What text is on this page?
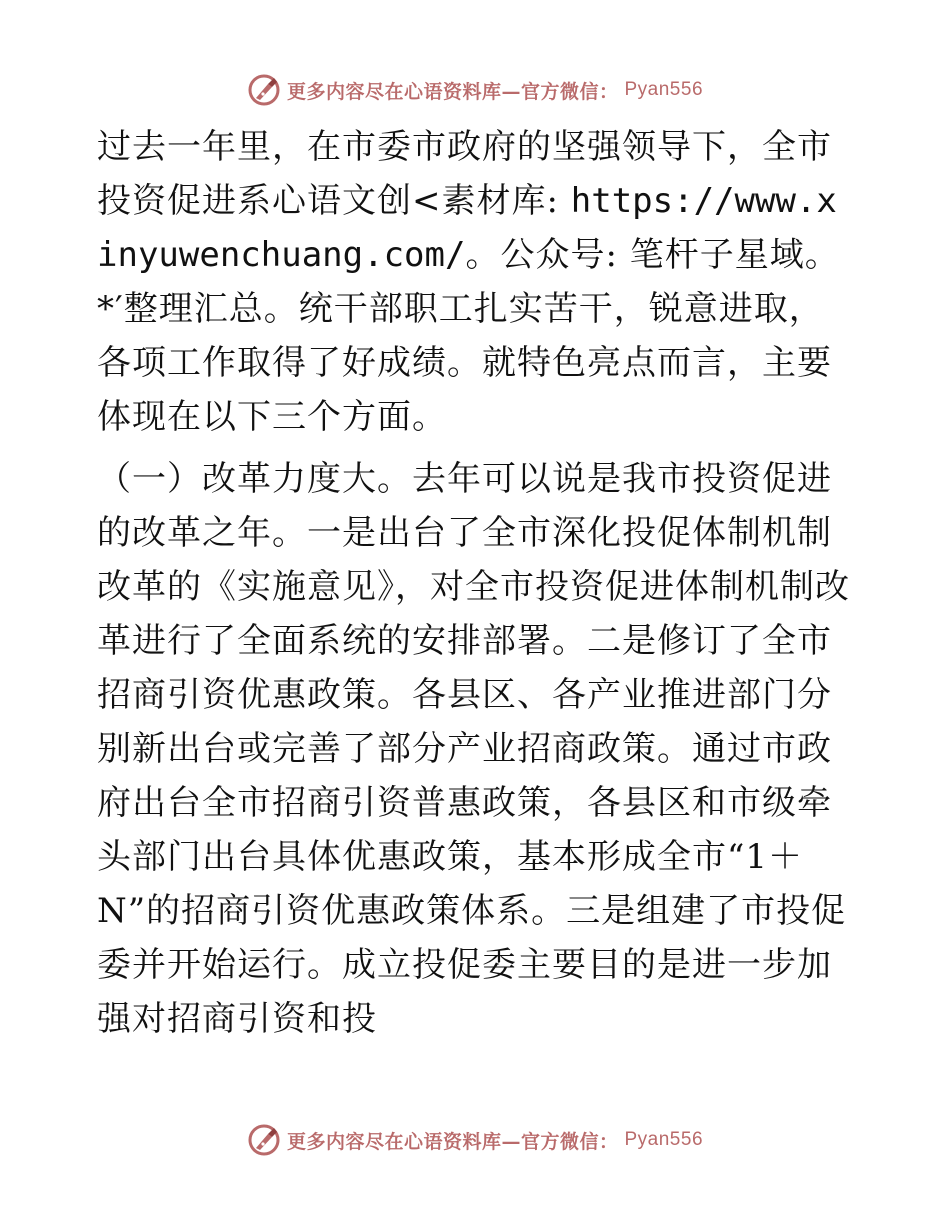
更多内容尽在心语资料库—官方微信： Pyan556

过去一年里，在市委市政府的坚强领导下，全市投资促进系心语文创<素材库: https://www.xinyuwenchuang.com/。公众号: 笔杆子星域。*′整理汇总。统干部职工扎实苦干，锐意进取，各项工作取得了好成绩。就特色亮点而言，主要体现在以下三个方面。

（一）改革力度大。去年可以说是我市投资促进的改革之年。一是出台了全市深化投促体制机制改革的《实施意见》，对全市投资促进体制机制改革进行了全面系统的安排部署。二是修订了全市招商引资优惠政策。各县区、各产业推进部门分别新出台或完善了部分产业招商政策。通过市政府出台全市招商引资普惠政策，各县区和市级牵头部门出台具体优惠政策，基本形成全市“1＋N”的招商引资优惠政策体系。三是组建了市投促委并开始运行。成立投促委主要目的是进一步加强对招商引资和投

更多内容尽在心语资料库—官方微信： Pyan556
